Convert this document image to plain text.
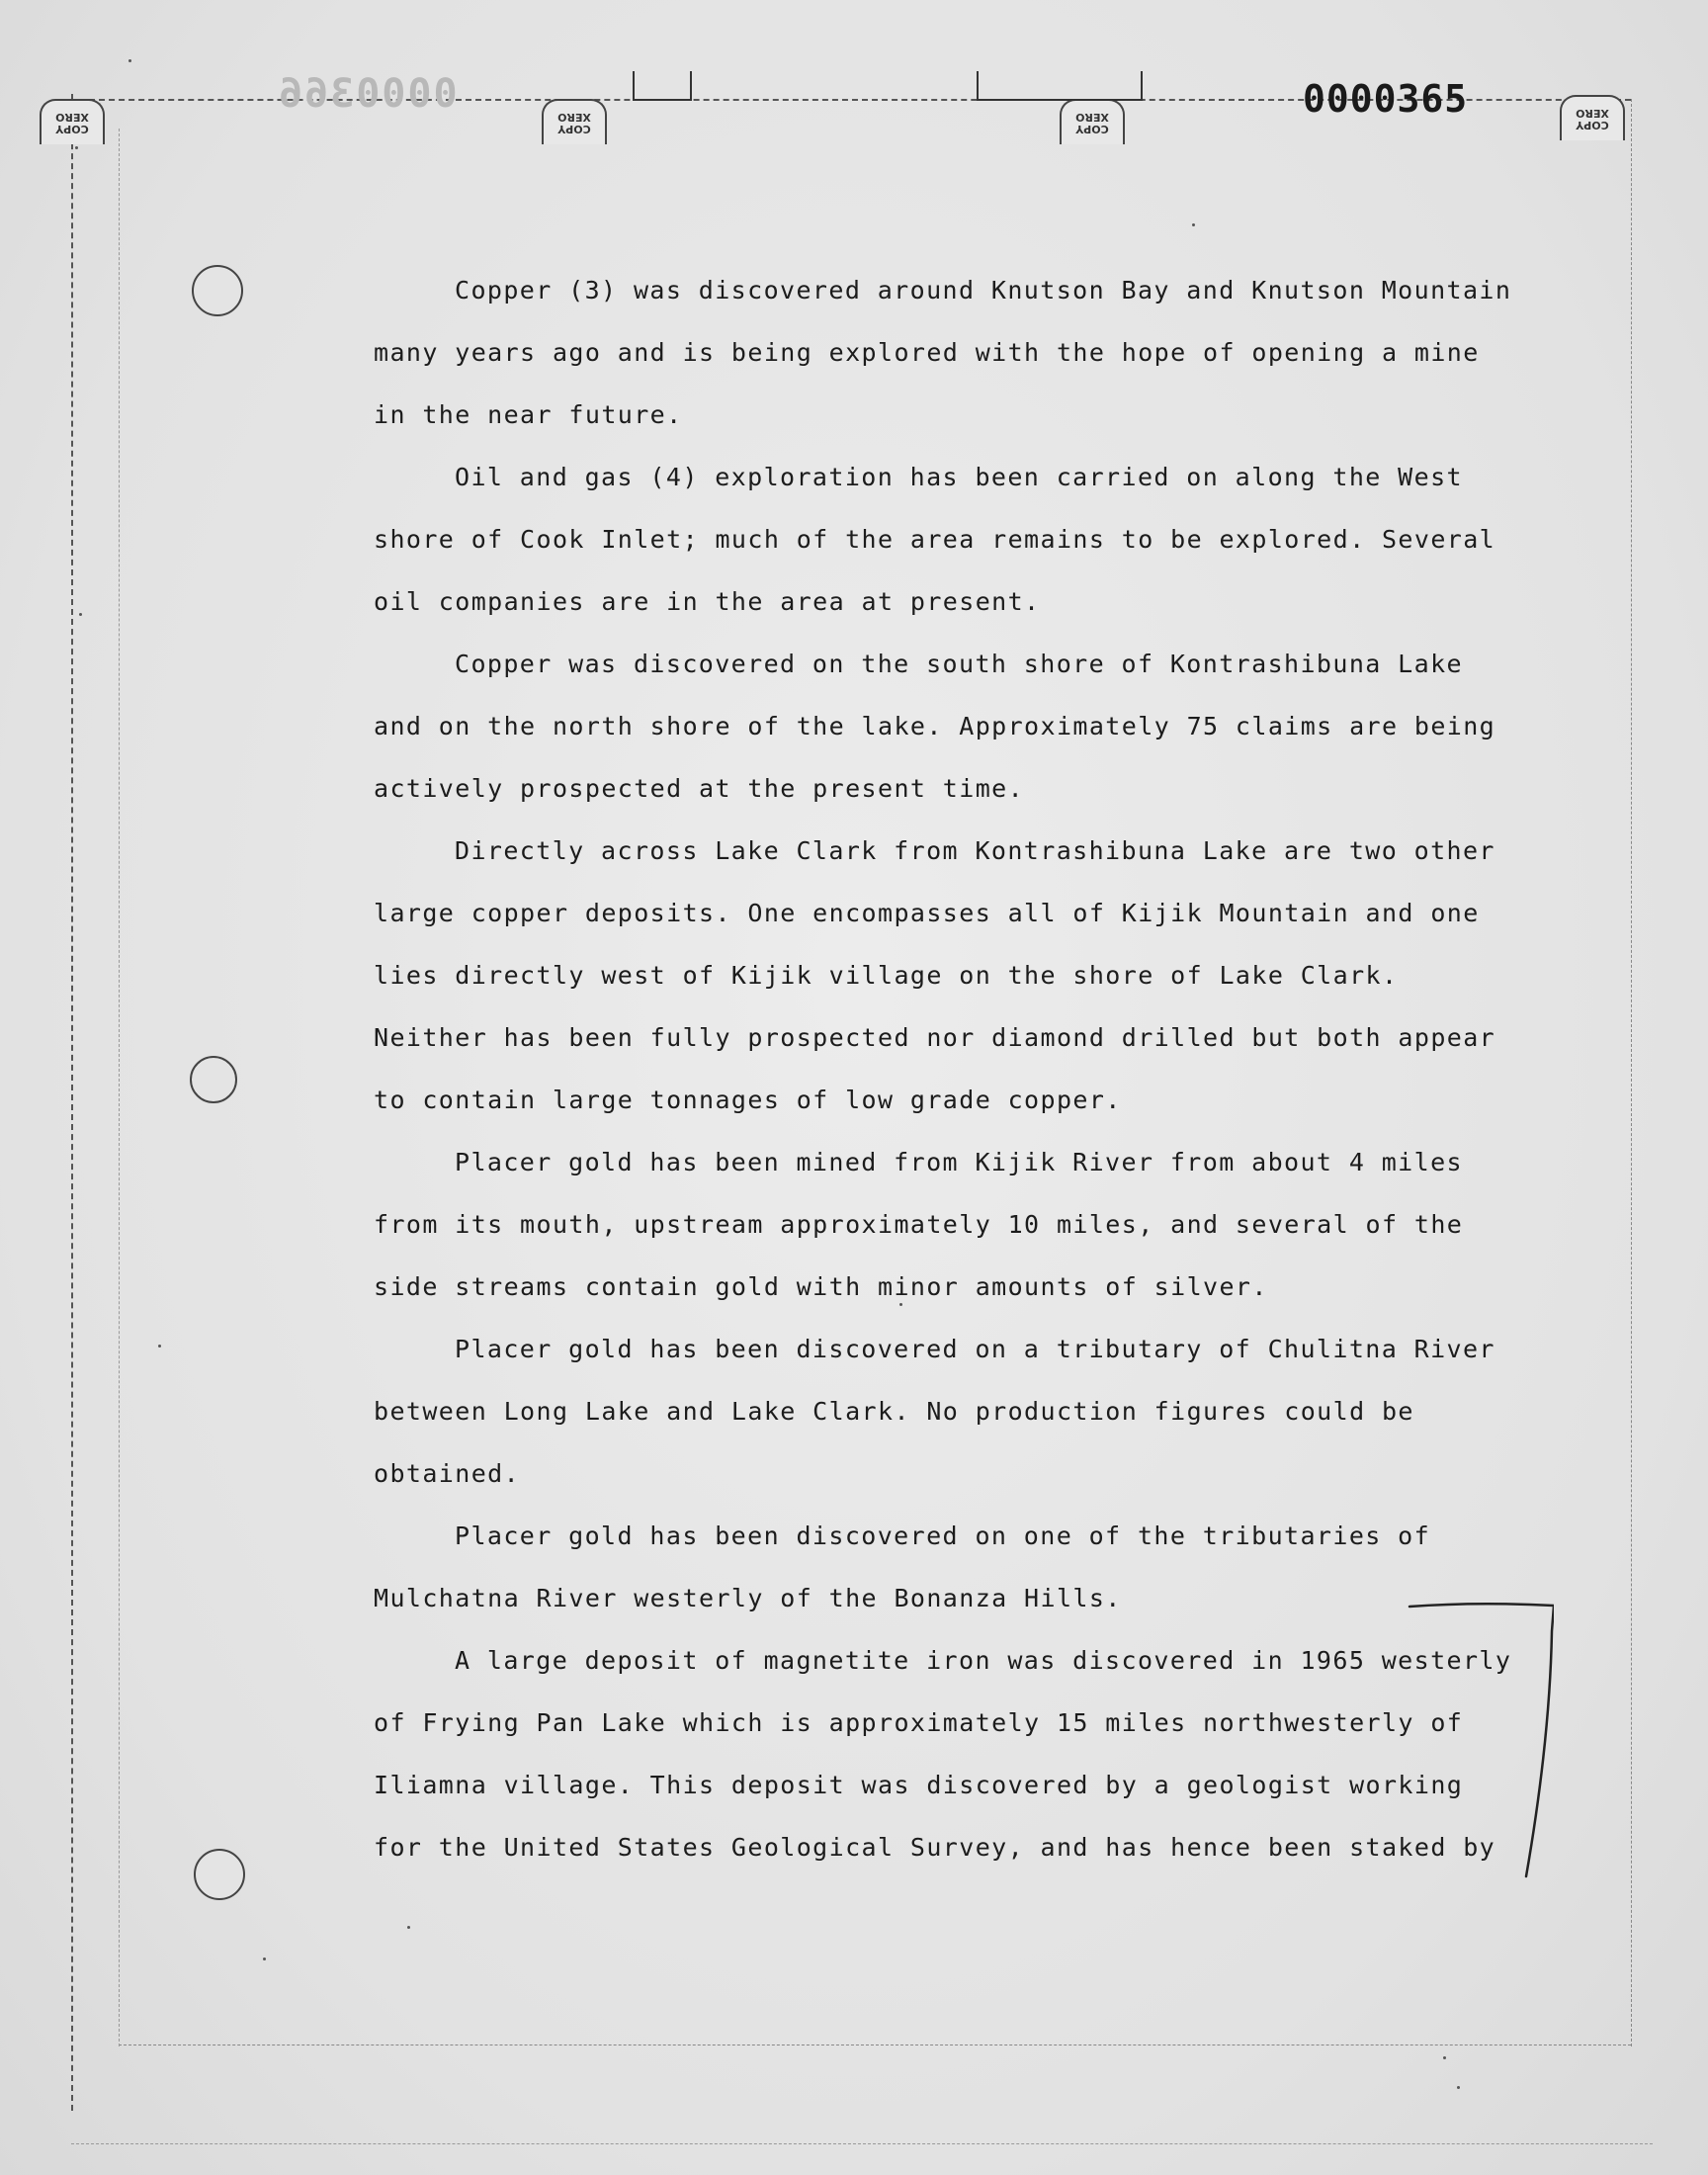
COPY
XERO
COPY
XERO
COPY
XERO
COPY
XERO
0000366	0000365

Copper (3) was discovered around Knutson Bay and Knutson Mountain many years ago and is being explored with the hope of opening a mine in the near future.

Oil and gas (4) exploration has been carried on along the West shore of Cook Inlet; much of the area remains to be explored. Several oil companies are in the area at present.

Copper was discovered on the south shore of Kontrashibuna Lake and on the north shore of the lake. Approximately 75 claims are being actively prospected at the present time.

Directly across Lake Clark from Kontrashibuna Lake are two other large copper deposits. One encompasses all of Kijik Mountain and one lies directly west of Kijik village on the shore of Lake Clark. Neither has been fully prospected nor diamond drilled but both appear to contain large tonnages of low grade copper.

Placer gold has been mined from Kijik River from about 4 miles from its mouth, upstream approximately 10 miles, and several of the side streams contain gold with minor amounts of silver.

Placer gold has been discovered on a tributary of Chulitna River between Long Lake and Lake Clark. No production figures could be obtained.

Placer gold has been discovered on one of the tributaries of Mulchatna River westerly of the Bonanza Hills.

A large deposit of magnetite iron was discovered in 1965 westerly of Frying Pan Lake which is approximately 15 miles northwesterly of Iliamna village. This deposit was discovered by a geologist working for the United States Geological Survey, and has hence been staked by
